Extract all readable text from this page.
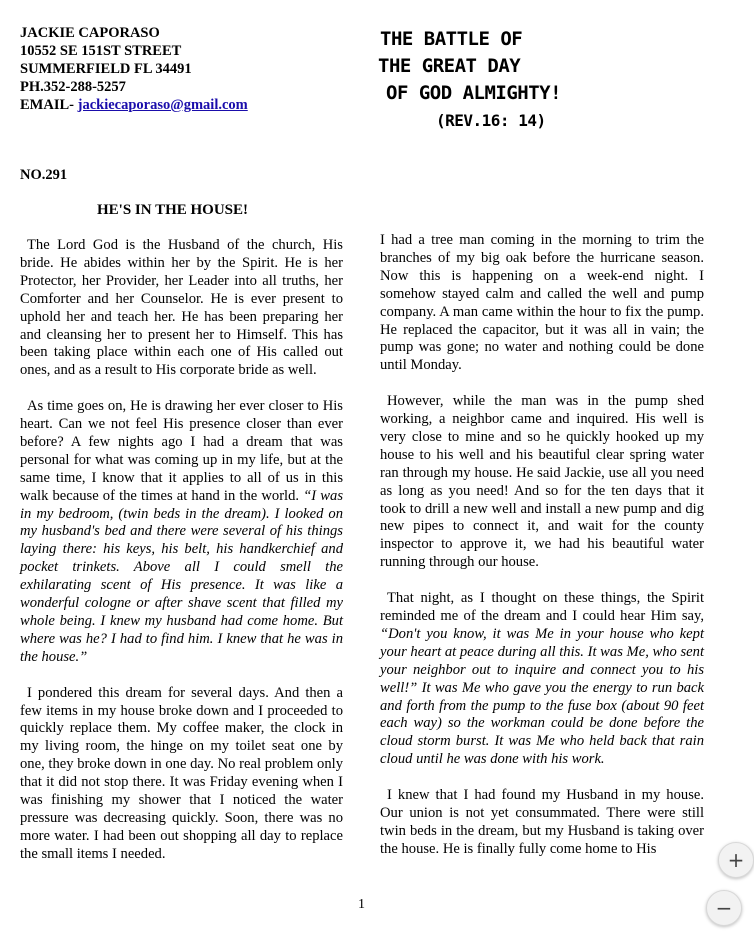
JACKIE CAPORASO
10552 SE 151ST STREET
SUMMERFIELD FL 34491
PH.352-288-5257
EMAIL- jackiecaporaso@gmail.com
THE BATTLE OF
THE GREAT DAY
OF GOD ALMIGHTY!
(REV.16: 14)
NO.291
HE'S IN THE HOUSE!

The Lord God is the Husband of the church, His bride. He abides within her by the Spirit. He is her Protector, her Provider, her Leader into all truths, her Comforter and her Counselor. He is ever present to uphold her and teach her. He has been preparing her and cleansing her to present her to Himself. This has been taking place within each one of His called out ones, and as a result to His corporate bride as well.

As time goes on, He is drawing her ever closer to His heart. Can we not feel His presence closer than ever before? A few nights ago I had a dream that was personal for what was coming up in my life, but at the same time, I know that it applies to all of us in this walk because of the times at hand in the world. “I was in my bedroom, (twin beds in the dream). I looked on my husband's bed and there were several of his things laying there: his keys, his belt, his handkerchief and pocket trinkets. Above all I could smell the exhilarating scent of His presence. It was like a wonderful cologne or after shave scent that filled my whole being. I knew my husband had come home. But where was he? I had to find him. I knew that he was in the house.”

I pondered this dream for several days. And then a few items in my house broke down and I proceeded to quickly replace them. My coffee maker, the clock in my living room, the hinge on my toilet seat one by one, they broke down in one day. No real problem only that it did not stop there. It was Friday evening when I was finishing my shower that I noticed the water pressure was decreasing quickly. Soon, there was no more water. I had been out shopping all day to replace the small items I needed.

I had a tree man coming in the morning to trim the branches of my big oak before the hurricane season. Now this is happening on a week-end night. I somehow stayed calm and called the well and pump company. A man came within the hour to fix the pump. He replaced the capacitor, but it was all in vain; the pump was gone; no water and nothing could be done until Monday.

However, while the man was in the pump shed working, a neighbor came and inquired. His well is very close to mine and so he quickly hooked up my house to his well and his beautiful clear spring water ran through my house. He said Jackie, use all you need as long as you need! And so for the ten days that it took to drill a new well and install a new pump and dig new pipes to connect it, and wait for the county inspector to approve it, we had his beautiful water running through our house.

That night, as I thought on these things, the Spirit reminded me of the dream and I could hear Him say, “Don't you know, it was Me in your house who kept your heart at peace during all this. It was Me, who sent your neighbor out to inquire and connect you to his well!” It was Me who gave you the energy to run back and forth from the pump to the fuse box (about 90 feet each way) so the workman could be done before the cloud storm burst. It was Me who held back that rain cloud until he was done with his work.

I knew that I had found my Husband in my house. Our union is not yet consummated. There were still twin beds in the dream, but my Husband is taking over the house. He is finally fully come home to His

1
+
−
